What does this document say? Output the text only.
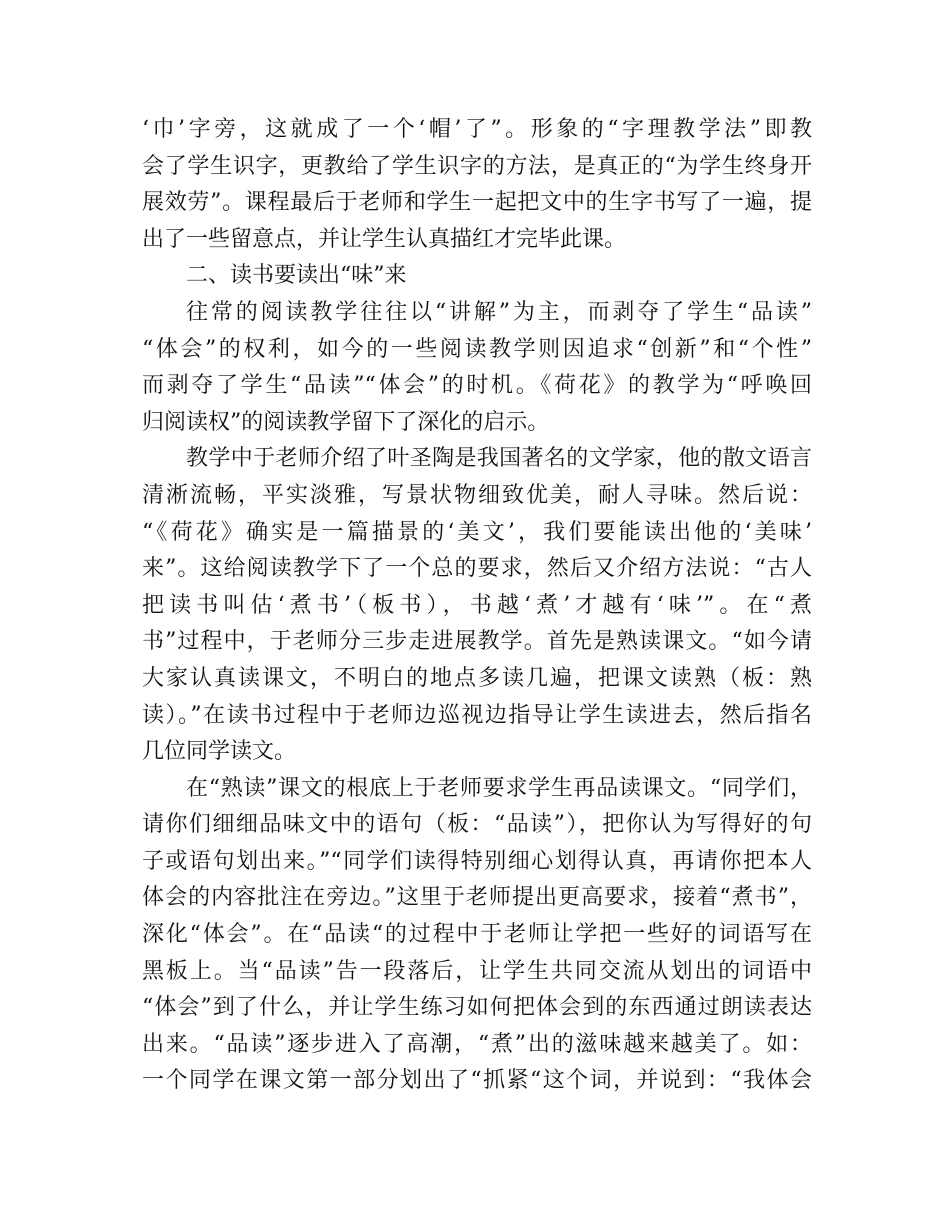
‘巾’字旁，这就成了一个‘帽’了”。形象的“字理教学法”即教
会了学生识字，更教给了学生识字的方法，是真正的“为学生终身开
展效劳”。课程最后于老师和学生一起把文中的生字书写了一遍，提
出了一些留意点，并让学生认真描红才完毕此课。
二、读书要读出“味”来
往常的阅读教学往往以“讲解”为主，而剥夺了学生“品读”
“体会”的权利，如今的一些阅读教学则因追求“创新”和“个性”
而剥夺了学生“品读”“体会”的时机。《荷花》的教学为“呼唤回
归阅读权”的阅读教学留下了深化的启示。
教学中于老师介绍了叶圣陶是我国著名的文学家，他的散文语言
清淅流畅，平实淡雅，写景状物细致优美，耐人寻味。然后说：
“《荷花》确实是一篇描景的‘美文’，我们要能读出他的‘美味’
来”。这给阅读教学下了一个总的要求，然后又介绍方法说：“古人
把读书叫估‘煮书’（板书），书越‘煮’才越有‘味’”。在“煮
书”过程中，于老师分三步走进展教学。首先是熟读课文。“如今请
大家认真读课文，不明白的地点多读几遍，把课文读熟（板：熟
读）。”在读书过程中于老师边巡视边指导让学生读进去，然后指名
几位同学读文。
在“熟读”课文的根底上于老师要求学生再品读课文。“同学们，
请你们细细品味文中的语句（板：“品读”），把你认为写得好的句
子或语句划出来。”“同学们读得特别细心划得认真，再请你把本人
体会的内容批注在旁边。”这里于老师提出更高要求，接着“煮书”，
深化“体会”。在“品读“的过程中于老师让学把一些好的词语写在
黑板上。当“品读”告一段落后，让学生共同交流从划出的词语中
“体会”到了什么，并让学生练习如何把体会到的东西通过朗读表达
出来。“品读”逐步进入了高潮，“煮”出的滋味越来越美了。如：
一个同学在课文第一部分划出了“抓紧“这个词，并说到：“我体会
